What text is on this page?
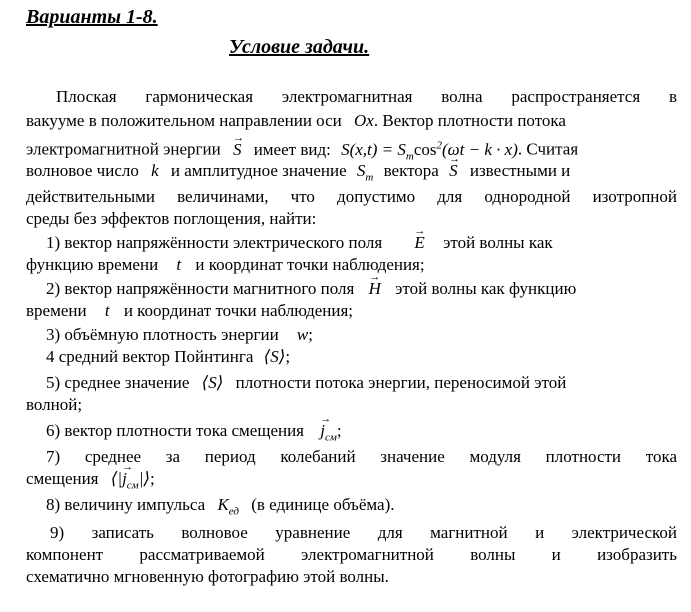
Варианты 1-8.
Условие задачи.
Плоская гармоническая электромагнитная волна распространяется в
вакууме в положительном направлении оси Ox. Вектор плотности потока
электромагнитной энергии → S имеет вид: $S(x,t) = S_m\cos^2(\omega t - k \cdot x)$. Считая
волновое число k и амплитудное значение $S_m$ вектора → S известными и
действительными величинами, что допустимо для однородной изотропной
среды без эффектов поглощения, найти:
1) вектор напряжённости электрического поля → E этой волны как
функцию времени t и координат точки наблюдения;
2) вектор напряжённости магнитного поля → H этой волны как функцию
времени t и координат точки наблюдения;
3) объёмную плотность энергии w;
4 средний вектор Пойнтинга ⟨S⟩;
5) среднее значение ⟨S⟩ плотности потока энергии, переносимой этой
волной;
6) вектор плотности тока смещения → $j_{см}$;
7) среднее за период колебаний значение модуля плотности тока
смещения ⟨|→ $j_{см}|⟩$;
8) величину импульса $K_{ед}$ (в единице объёма).
9) записать волновое уравнение для магнитной и электрической
компонент рассматриваемой электромагнитной волны и изобразить
схематично мгновенную фотографию этой волны.
